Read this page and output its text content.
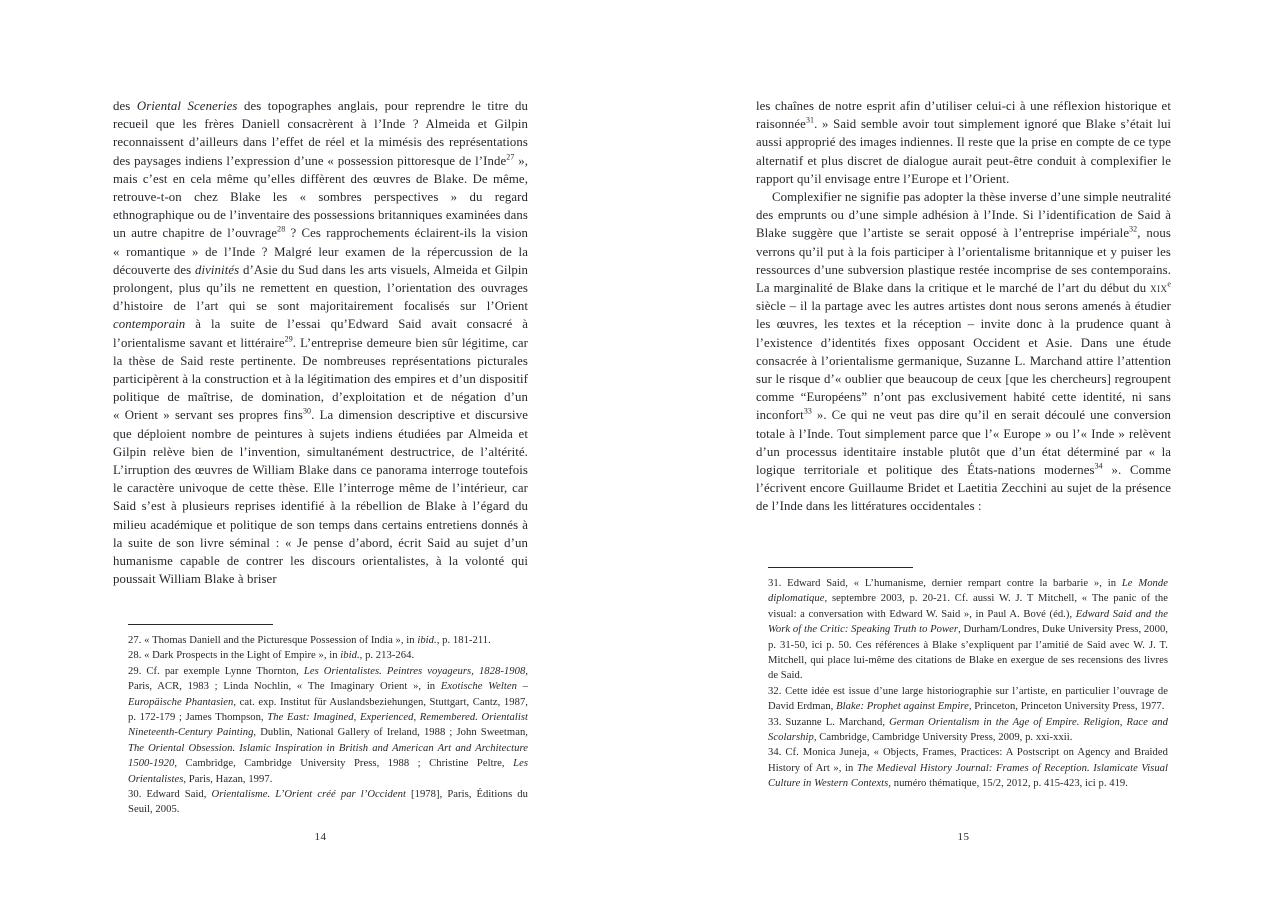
des Oriental Sceneries des topographes anglais, pour reprendre le titre du recueil que les frères Daniell consacrèrent à l’Inde ? Almeida et Gilpin reconnaissent d’ailleurs dans l’effet de réel et la mimésis des représentations des paysages indiens l’expression d’une « possession pittoresque de l’Inde$^{27}$ », mais c’est en cela même qu’elles diffèrent des œuvres de Blake. De même, retrouve-t-on chez Blake les « sombres perspectives » du regard ethnographique ou de l’inventaire des possessions britanniques examinées dans un autre chapitre de l’ouvrage$^{28}$ ? Ces rapprochements éclairent-ils la vision « romantique » de l’Inde ? Malgré leur examen de la répercussion de la découverte des divinités d’Asie du Sud dans les arts visuels, Almeida et Gilpin prolongent, plus qu’ils ne remettent en question, l’orientation des ouvrages d’histoire de l’art qui se sont majoritairement focalisés sur l’Orient contemporain à la suite de l’essai qu’Edward Said avait consacré à l’orientalisme savant et littéraire$^{29}$. L’entreprise demeure bien sûr légitime, car la thèse de Said reste pertinente. De nombreuses représentations picturales participèrent à la construction et à la légitimation des empires et d’un dispositif politique de maîtrise, de domination, d’exploitation et de négation d’un « Orient » servant ses propres fins$^{30}$. La dimension descriptive et discursive que déploient nombre de peintures à sujets indiens étudiées par Almeida et Gilpin relève bien de l’invention, simultanément destructrice, de l’altérité. L’irruption des œuvres de William Blake dans ce panorama interroge toutefois le caractère univoque de cette thèse. Elle l’interroge même de l’intérieur, car Said s’est à plusieurs reprises identifié à la rébellion de Blake à l’égard du milieu académique et politique de son temps dans certains entretiens donnés à la suite de son livre séminal : « Je pense d’abord, écrit Said au sujet d’un humanisme capable de contrer les discours orientalistes, à la volonté qui poussait William Blake à briser

27. « Thomas Daniell and the Picturesque Possession of India », in ibid., p. 181-211.

28. « Dark Prospects in the Light of Empire », in ibid., p. 213-264.

29. Cf. par exemple Lynne Thornton, Les Orientalistes. Peintres voyageurs, 1828-1908, Paris, ACR, 1983 ; Linda Nochlin, « The Imaginary Orient », in Exotische Welten – Europäische Phantasien, cat. exp. Institut für Auslandsbeziehungen, Stuttgart, Cantz, 1987, p. 172-179 ; James Thompson, The East: Imagined, Experienced, Remembered. Orientalist Nineteenth-Century Painting, Dublin, National Gallery of Ireland, 1988 ; John Sweetman, The Oriental Obsession. Islamic Inspiration in British and American Art and Architecture 1500-1920, Cambridge, Cambridge University Press, 1988 ; Christine Peltre, Les Orientalistes, Paris, Hazan, 1997.

30. Edward Said, Orientalisme. L’Orient créé par l’Occident [1978], Paris, Éditions du Seuil, 2005.

14

les chaînes de notre esprit afin d’utiliser celui-ci à une réflexion historique et raisonnée$^{31}$. » Said semble avoir tout simplement ignoré que Blake s’était lui aussi approprié des images indiennes. Il reste que la prise en compte de ce type alternatif et plus discret de dialogue aurait peut-être conduit à complexifier le rapport qu’il envisage entre l’Europe et l’Orient.

Complexifier ne signifie pas adopter la thèse inverse d’une simple neutralité des emprunts ou d’une simple adhésion à l’Inde. Si l’identification de Said à Blake suggère que l’artiste se serait opposé à l’entreprise impériale$^{32}$, nous verrons qu’il put à la fois participer à l’orientalisme britannique et y puiser les ressources d’une subversion plastique restée incomprise de ses contemporains. La marginalité de Blake dans la critique et le marché de l’art du début du xix$^e$ siècle – il la partage avec les autres artistes dont nous serons amenés à étudier les œuvres, les textes et la réception – invite donc à la prudence quant à l’existence d’identités fixes opposant Occident et Asie. Dans une étude consacrée à l’orientalisme germanique, Suzanne L. Marchand attire l’attention sur le risque d’« oublier que beaucoup de ceux [que les chercheurs] regroupent comme “Européens” n’ont pas exclusivement habité cette identité, ni sans inconfort$^{33}$ ». Ce qui ne veut pas dire qu’il en serait découlé une conversion totale à l’Inde. Tout simplement parce que l’« Europe » ou l’« Inde » relèvent d’un processus identitaire instable plutôt que d’un état déterminé par « la logique territoriale et politique des États-nations modernes$^{34}$ ». Comme l’écrivent encore Guillaume Bridet et Laetitia Zecchini au sujet de la présence de l’Inde dans les littératures occidentales :

31. Edward Said, « L’humanisme, dernier rempart contre la barbarie », in Le Monde diplomatique, septembre 2003, p. 20-21. Cf. aussi W. J. T Mitchell, « The panic of the visual: a conversation with Edward W. Said », in Paul A. Bové (éd.), Edward Said and the Work of the Critic: Speaking Truth to Power, Durham/Londres, Duke University Press, 2000, p. 31-50, ici p. 50. Ces références à Blake s’expliquent par l’amitié de Said avec W. J. T. Mitchell, qui place lui-même des citations de Blake en exergue de ses recensions des livres de Said.

32. Cette idée est issue d’une large historiographie sur l’artiste, en particulier l’ouvrage de David Erdman, Blake: Prophet against Empire, Princeton, Princeton University Press, 1977.

33. Suzanne L. Marchand, German Orientalism in the Age of Empire. Religion, Race and Scolarship, Cambridge, Cambridge University Press, 2009, p. xxi-xxii.

34. Cf. Monica Juneja, « Objects, Frames, Practices: A Postscript on Agency and Braided History of Art », in The Medieval History Journal: Frames of Reception. Islamicate Visual Culture in Western Contexts, numéro thématique, 15/2, 2012, p. 415-423, ici p. 419.

15
